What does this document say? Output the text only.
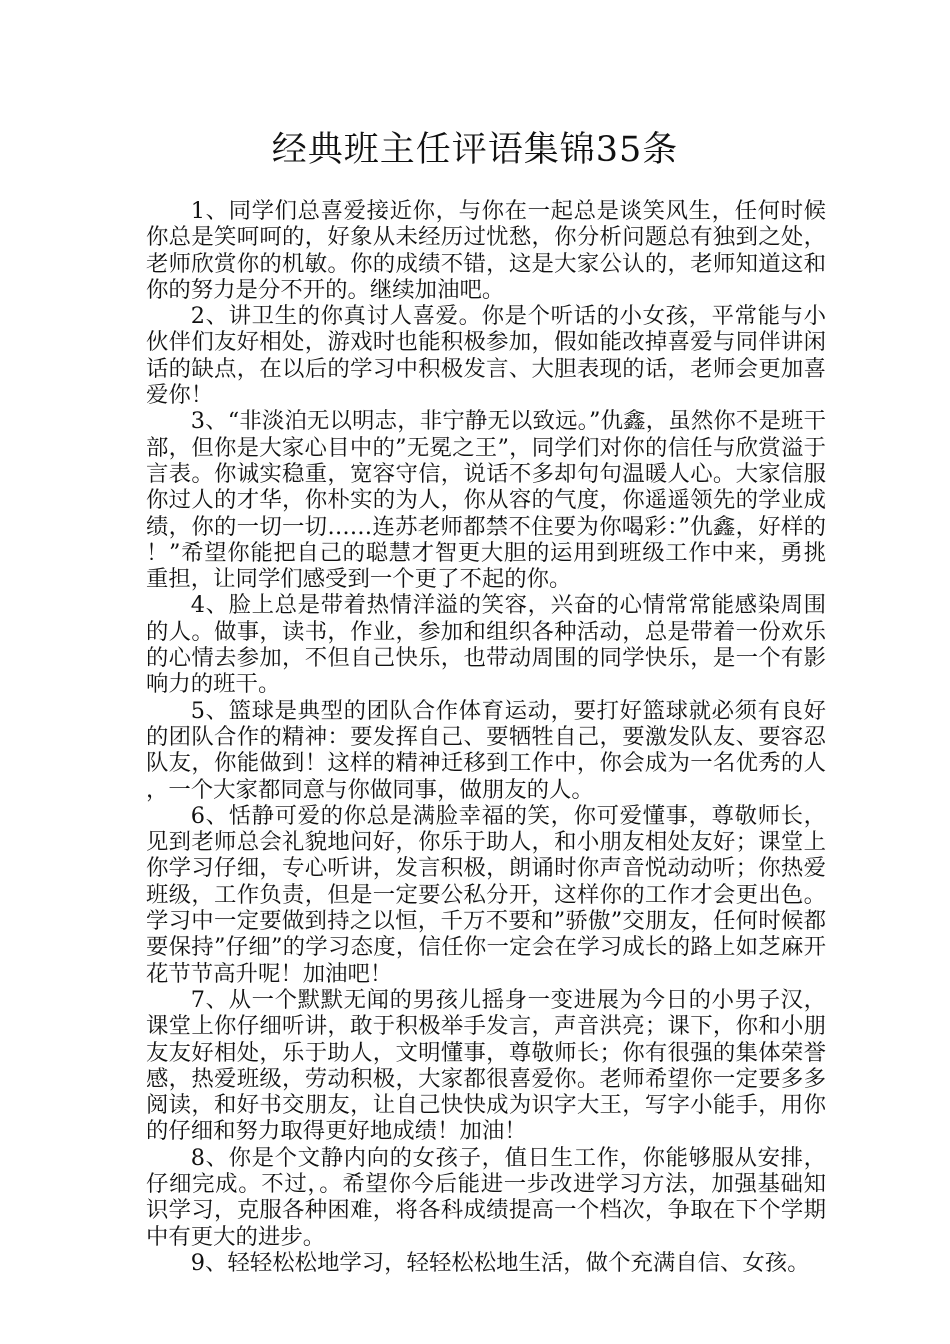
经典班主任评语集锦35条

1、同学们总喜爱接近你，与你在一起总是谈笑风生，任何时候你总是笑呵呵的，好象从未经历过忧愁，你分析问题总有独到之处，老师欣赏你的机敏。你的成绩不错，这是大家公认的，老师知道这和你的努力是分不开的。继续加油吧。

2、讲卫生的你真讨人喜爱。你是个听话的小女孩，平常能与小伙伴们友好相处，游戏时也能积极参加，假如能改掉喜爱与同伴讲闲话的缺点，在以后的学习中积极发言、大胆表现的话，老师会更加喜爱你！

3、“非淡泊无以明志，非宁静无以致远。”仇鑫，虽然你不是班干部，但你是大家心目中的”无冕之王”，同学们对你的信任与欣赏溢于言表。你诚实稳重，宽容守信，说话不多却句句温暖人心。大家信服你过人的才华，你朴实的为人，你从容的气度，你遥遥领先的学业成绩，你的一切一切……连苏老师都禁不住要为你喝彩：”仇鑫，好样的！”希望你能把自己的聪慧才智更大胆的运用到班级工作中来，勇挑重担，让同学们感受到一个更了不起的你。

4、脸上总是带着热情洋溢的笑容，兴奋的心情常常能感染周围的人。做事，读书，作业，参加和组织各种活动，总是带着一份欢乐的心情去参加，不但自己快乐，也带动周围的同学快乐，是一个有影响力的班干。

5、篮球是典型的团队合作体育运动，要打好篮球就必须有良好的团队合作的精神：要发挥自己、要牺牲自己，要激发队友、要容忍队友，你能做到！这样的精神迁移到工作中，你会成为一名优秀的人，一个大家都同意与你做同事，做朋友的人。

6、恬静可爱的你总是满脸幸福的笑，你可爱懂事，尊敬师长，见到老师总会礼貌地问好，你乐于助人，和小朋友相处友好；课堂上你学习仔细，专心听讲，发言积极，朗诵时你声音悦动动听；你热爱班级，工作负责，但是一定要公私分开，这样你的工作才会更出色。学习中一定要做到持之以恒，千万不要和”骄傲”交朋友，任何时候都要保持”仔细”的学习态度，信任你一定会在学习成长的路上如芝麻开花节节高升呢！加油吧！

7、从一个默默无闻的男孩儿摇身一变进展为今日的小男子汉，课堂上你仔细听讲，敢于积极举手发言，声音洪亮；课下，你和小朋友友好相处，乐于助人，文明懂事，尊敬师长；你有很强的集体荣誉感，热爱班级，劳动积极，大家都很喜爱你。老师希望你一定要多多阅读，和好书交朋友，让自己快快成为识字大王，写字小能手，用你的仔细和努力取得更好地成绩！加油！

8、你是个文静内向的女孩子，值日生工作，你能够服从安排，仔细完成。不过，。希望你今后能进一步改进学习方法，加强基础知识学习，克服各种困难，将各科成绩提高一个档次，争取在下个学期中有更大的进步。

9、轻轻松松地学习，轻轻松松地生活，做个充满自信、女孩。
